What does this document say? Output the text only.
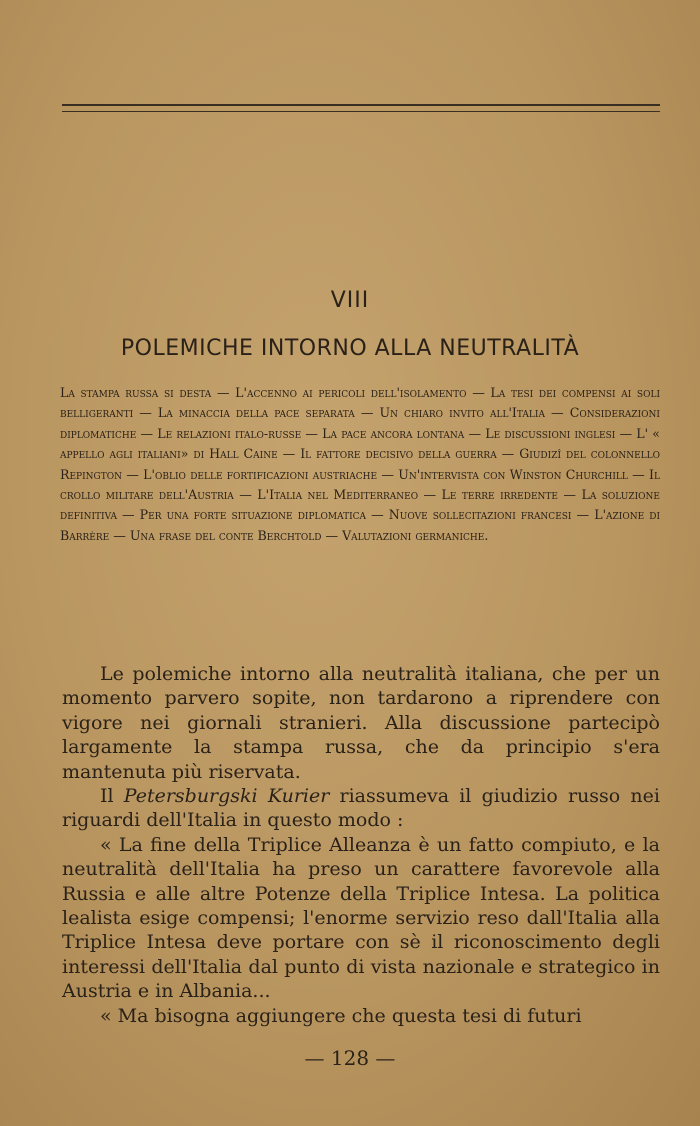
VIII
POLEMICHE INTORNO ALLA NEUTRALITÀ
La stampa russa si desta — L'accenno ai pericoli dell'isolamento — La tesi dei compensi ai soli belligeranti — La minaccia della pace separata — Un chiaro invito all'Italia — Considerazioni diplomatiche — Le relazioni italo-russe — La pace ancora lontana — Le discussioni inglesi — L' « appello agli italiani» di Hall Caine — Il fattore decisivo della guerra — Giudizî del colonnello Repington — L'oblio delle fortificazioni austriache — Un'intervista con Winston Churchill — Il crollo militare dell'Austria — L'Italia nel Mediterraneo — Le terre irredente — La soluzione definitiva — Per una forte situazione diplomatica — Nuove sollecitazioni francesi — L'azione di Barrère — Una frase del conte Berchtold — Valutazioni germaniche.

Le polemiche intorno alla neutralità italiana, che per un momento parvero sopite, non tardarono a riprendere con vigore nei giornali stranieri. Alla discussione partecipò largamente la stampa russa, che da principio s'era mantenuta più riservata.

Il Petersburgski Kurier riassumeva il giudizio russo nei riguardi dell'Italia in questo modo :

« La fine della Triplice Alleanza è un fatto compiuto, e la neutralità dell'Italia ha preso un carattere favorevole alla Russia e alle altre Potenze della Triplice Intesa. La politica lealista esige compensi; l'enorme servizio reso dall'Italia alla Triplice Intesa deve portare con sè il riconoscimento degli interessi dell'Italia dal punto di vista nazionale e strategico in Austria e in Albania...

« Ma bisogna aggiungere che questa tesi di futuri

— 128 —
